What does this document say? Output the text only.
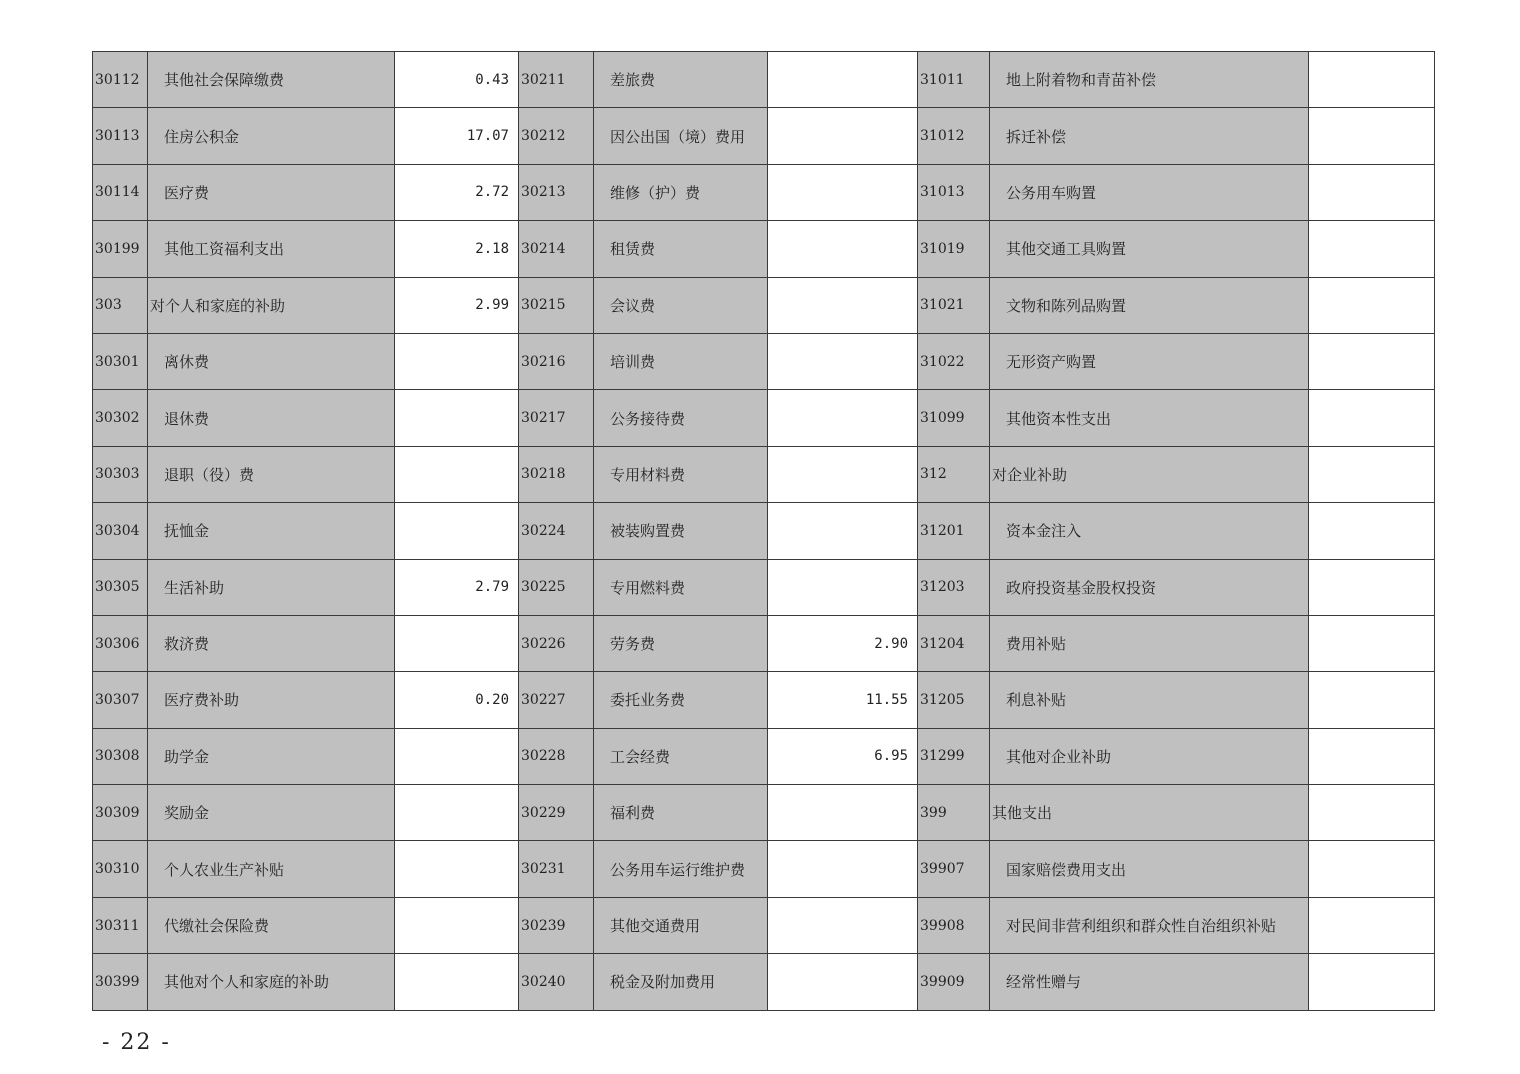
30112	其他社会保障缴费	0.43	30211	差旅费		31011	地上附着物和青苗补偿	
30113	住房公积金	17.07	30212	因公出国（境）费用		31012	拆迁补偿	
30114	医疗费	2.72	30213	维修（护）费		31013	公务用车购置	
30199	其他工资福利支出	2.18	30214	租赁费		31019	其他交通工具购置	
303	对个人和家庭的补助	2.99	30215	会议费		31021	文物和陈列品购置	
30301	离休费		30216	培训费		31022	无形资产购置	
30302	退休费		30217	公务接待费		31099	其他资本性支出	
30303	退职（役）费		30218	专用材料费		312	对企业补助	
30304	抚恤金		30224	被装购置费		31201	资本金注入	
30305	生活补助	2.79	30225	专用燃料费		31203	政府投资基金股权投资	
30306	救济费		30226	劳务费	2.90	31204	费用补贴	
30307	医疗费补助	0.20	30227	委托业务费	11.55	31205	利息补贴	
30308	助学金		30228	工会经费	6.95	31299	其他对企业补助	
30309	奖励金		30229	福利费		399	其他支出	
30310	个人农业生产补贴		30231	公务用车运行维护费		39907	国家赔偿费用支出	
30311	代缴社会保险费		30239	其他交通费用		39908	对民间非营利组织和群众性自治组织补贴	
30399	其他对个人和家庭的补助		30240	税金及附加费用		39909	经常性赠与	
- 22 -
